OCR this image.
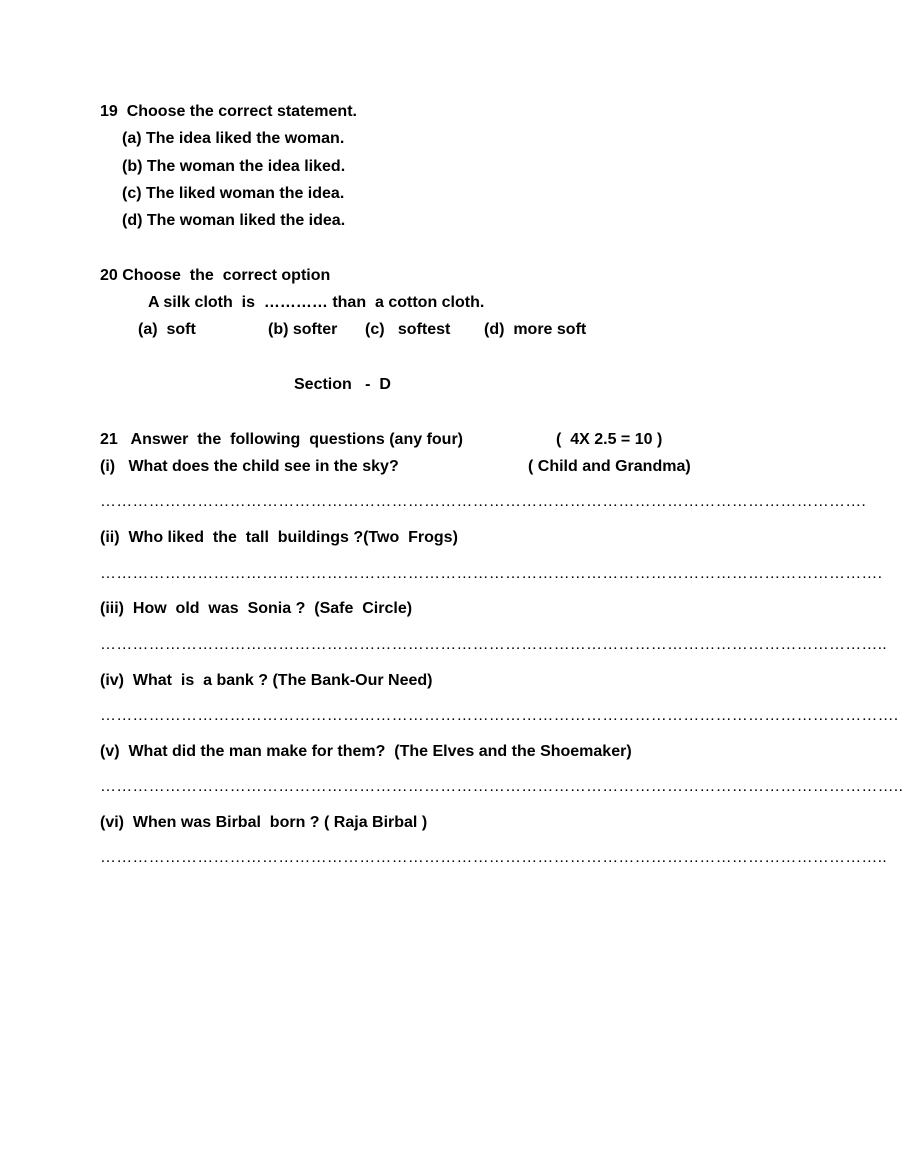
19  Choose the correct statement.
(a) The idea liked the woman.
(b) The woman the idea liked.
(c) The liked woman the idea.
(d) The woman liked the idea.
20 Choose  the  correct option
A silk cloth  is  ………… than  a cotton cloth.
(a)  soft	(b) softer (c)   softest (d)  more soft
Section   -  D
21   Answer  the  following  questions (any four)	(  4X 2.5 = 10 )
(i)   What does the child see in the sky?	( Child and Grandma)
…………………………………………………………………………………………………………………………….
(ii)  Who liked  the  tall  buildings ?(Two  Frogs)
……………………………………………………………………………………………………………………………….
(iii)  How  old  was  Sonia ?  (Safe  Circle)
………………………………………………………………………………………………………………………………..
(iv)  What  is  a bank ? (The Bank-Our Need)
………………………………………………………………………………………………………………………………….
(v)  What did the man make for them?  (The Elves and the Shoemaker)
…………………………………………………………………………………………………………………………………..
(vi)  When was Birbal  born ? ( Raja Birbal )
………………………………………………………………………………………………………………………………..
